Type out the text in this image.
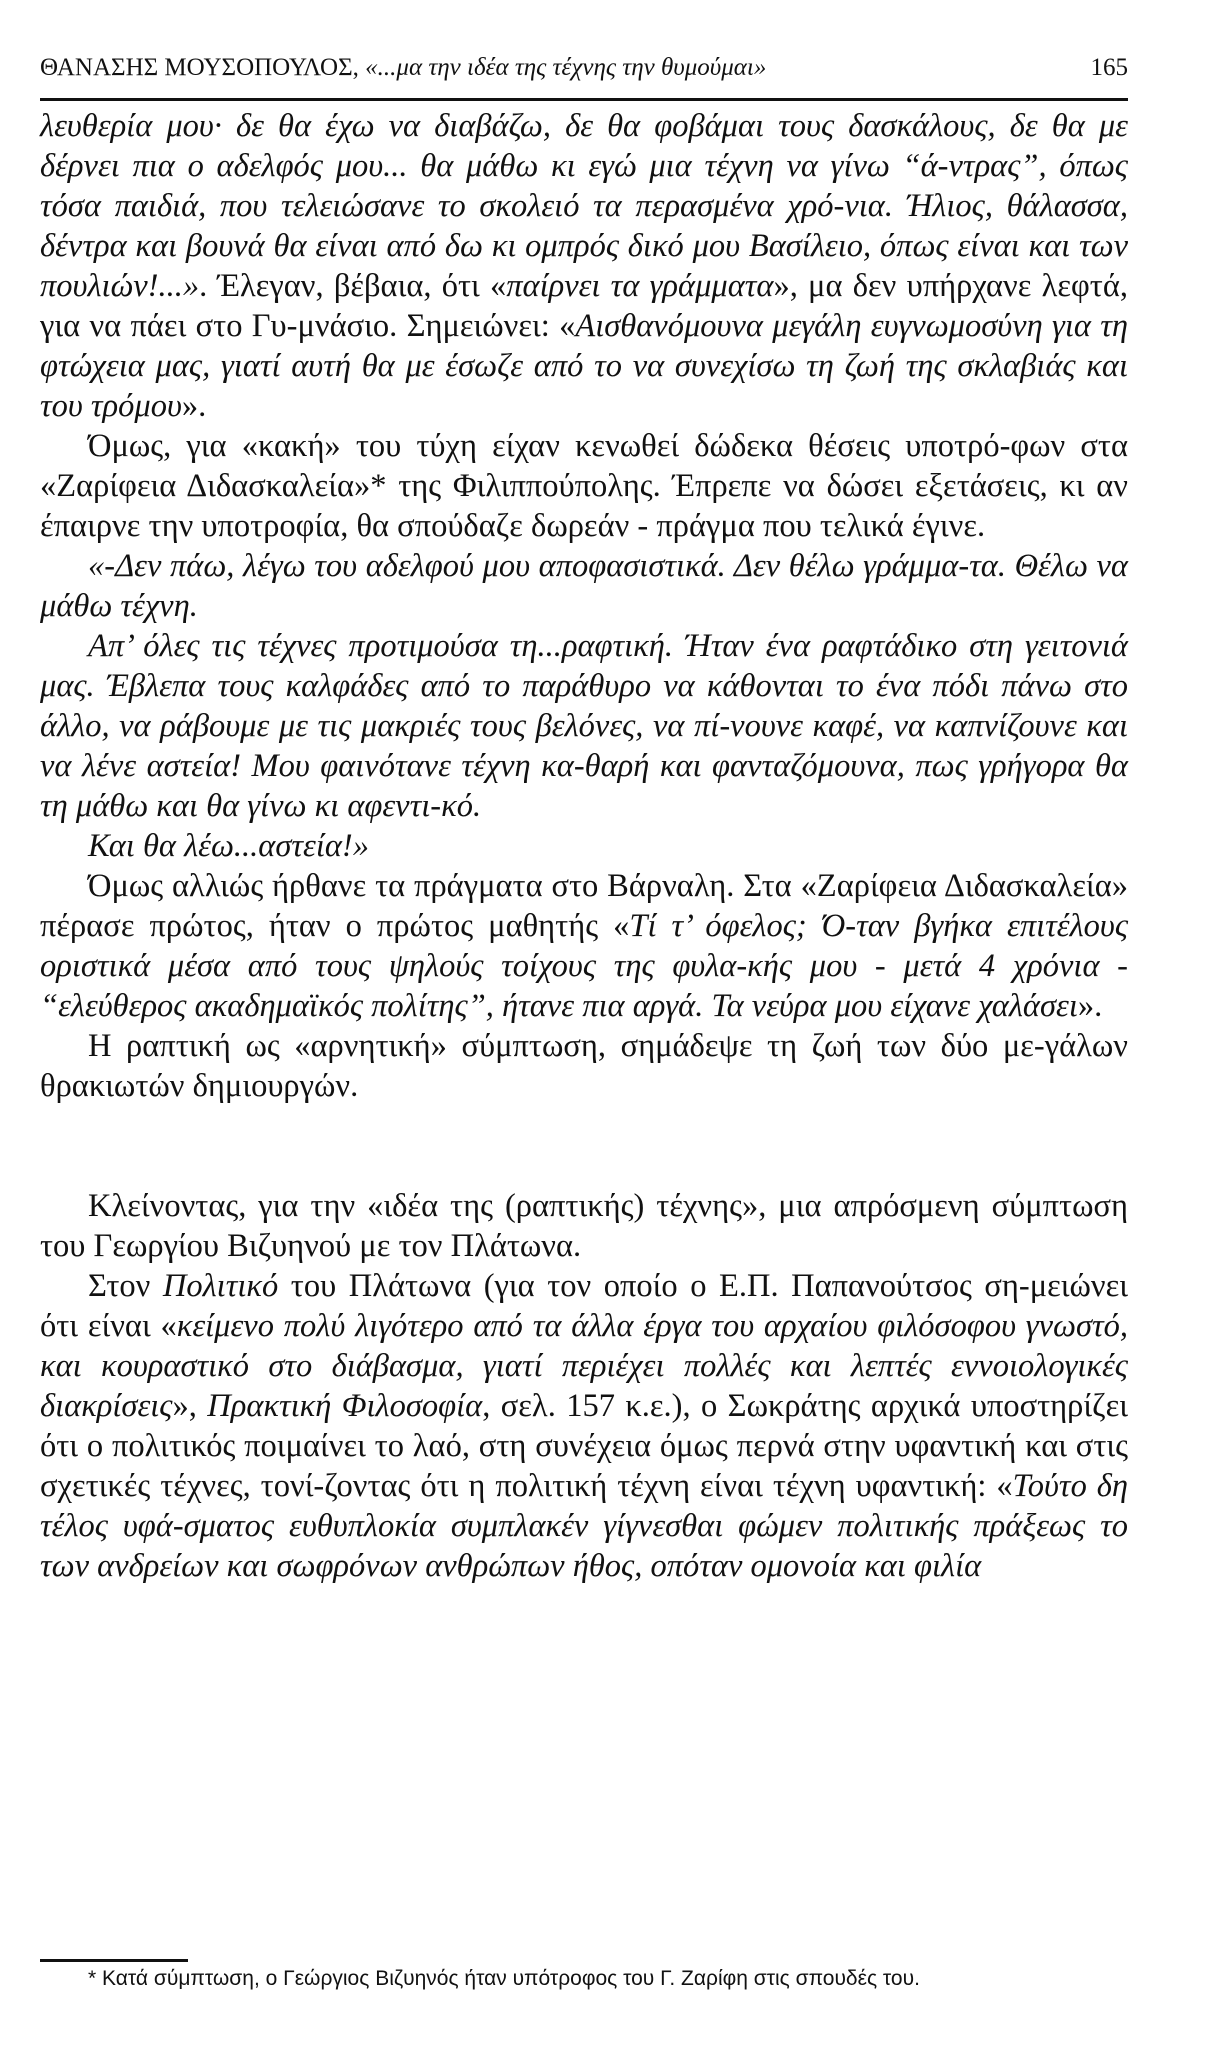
ΘΑΝΑΣΗΣ ΜΟΥΣΟΠΟΥΛΟΣ, «...μα την ιδέα της τέχνης την θυμούμαι»	165

λευθερία μου· δε θα έχω να διαβάζω, δε θα φοβάμαι τους δασκάλους, δε θα με δέρνει πια ο αδελφός μου... θα μάθω κι εγώ μια τέχνη να γίνω “ά-ντρας”, όπως τόσα παιδιά, που τελειώσανε το σκολειό τα περασμένα χρό-νια. Ήλιος, θάλασσα, δέντρα και βουνά θα είναι από δω κι ομπρός δικό μου Βασίλειο, όπως είναι και των πουλιών!...». Έλεγαν, βέβαια, ότι «παίρνει τα γράμματα», μα δεν υπήρχανε λεφτά, για να πάει στο Γυ-μνάσιο. Σημειώνει: «Αισθανόμουνα μεγάλη ευγνωμοσύνη για τη φτώχεια μας, γιατί αυτή θα με έσωζε από το να συνεχίσω τη ζωή της σκλαβιάς και του τρόμου».

Όμως, για «κακή» του τύχη είχαν κενωθεί δώδεκα θέσεις υποτρό-φων στα «Ζαρίφεια Διδασκαλεία»* της Φιλιππούπολης. Έπρεπε να δώσει εξετάσεις, κι αν έπαιρνε την υποτροφία, θα σπούδαζε δωρεάν - πράγμα που τελικά έγινε.

«-Δεν πάω, λέγω του αδελφού μου αποφασιστικά. Δεν θέλω γράμμα-τα. Θέλω να μάθω τέχνη.

Απ’ όλες τις τέχνες προτιμούσα τη...ραφτική. Ήταν ένα ραφτάδικο στη γειτονιά μας. Έβλεπα τους καλφάδες από το παράθυρο να κάθονται το ένα πόδι πάνω στο άλλο, να ράβουμε με τις μακριές τους βελόνες, να πί-νουνε καφέ, να καπνίζουνε και να λένε αστεία! Μου φαινότανε τέχνη κα-θαρή και φανταζόμουνα, πως γρήγορα θα τη μάθω και θα γίνω κι αφεντι-κό.

Και θα λέω...αστεία!»

Όμως αλλιώς ήρθανε τα πράγματα στο Βάρναλη. Στα «Ζαρίφεια Διδασκαλεία» πέρασε πρώτος, ήταν ο πρώτος μαθητής «Τί τ’ όφελος; Ό-ταν βγήκα επιτέλους οριστικά μέσα από τους ψηλούς τοίχους της φυλα-κής μου - μετά 4 χρόνια - “ελεύθερος ακαδημαϊκός πολίτης”, ήτανε πια αργά. Τα νεύρα μου είχανε χαλάσει».

Η ραπτική ως «αρνητική» σύμπτωση, σημάδεψε τη ζωή των δύο με-γάλων θρακιωτών δημιουργών.

Κλείνοντας, για την «ιδέα της (ραπτικής) τέχνης», μια απρόσμενη σύμπτωση του Γεωργίου Βιζυηνού με τον Πλάτωνα.

Στον Πολιτικό του Πλάτωνα (για τον οποίο ο Ε.Π. Παπανούτσος ση-μειώνει ότι είναι «κείμενο πολύ λιγότερο από τα άλλα έργα του αρχαίου φιλόσοφου γνωστό, και κουραστικό στο διάβασμα, γιατί περιέχει πολλές και λεπτές εννοιολογικές διακρίσεις», Πρακτική Φιλοσοφία, σελ. 157 κ.ε.), ο Σωκράτης αρχικά υποστηρίζει ότι ο πολιτικός ποιμαίνει το λαό, στη συνέχεια όμως περνά στην υφαντική και στις σχετικές τέχνες, τονί-ζοντας ότι η πολιτική τέχνη είναι τέχνη υφαντική: «Τούτο δη τέλος υφά-σματος ευθυπλοκία συμπλακέν γίγνεσθαι φώμεν πολιτικής πράξεως το των ανδρείων και σωφρόνων ανθρώπων ήθος, οπόταν ομονοία και φιλία

* Κατά σύμπτωση, ο Γεώργιος Βιζυηνός ήταν υπότροφος του Γ. Ζαρίφη στις σπουδές του.
